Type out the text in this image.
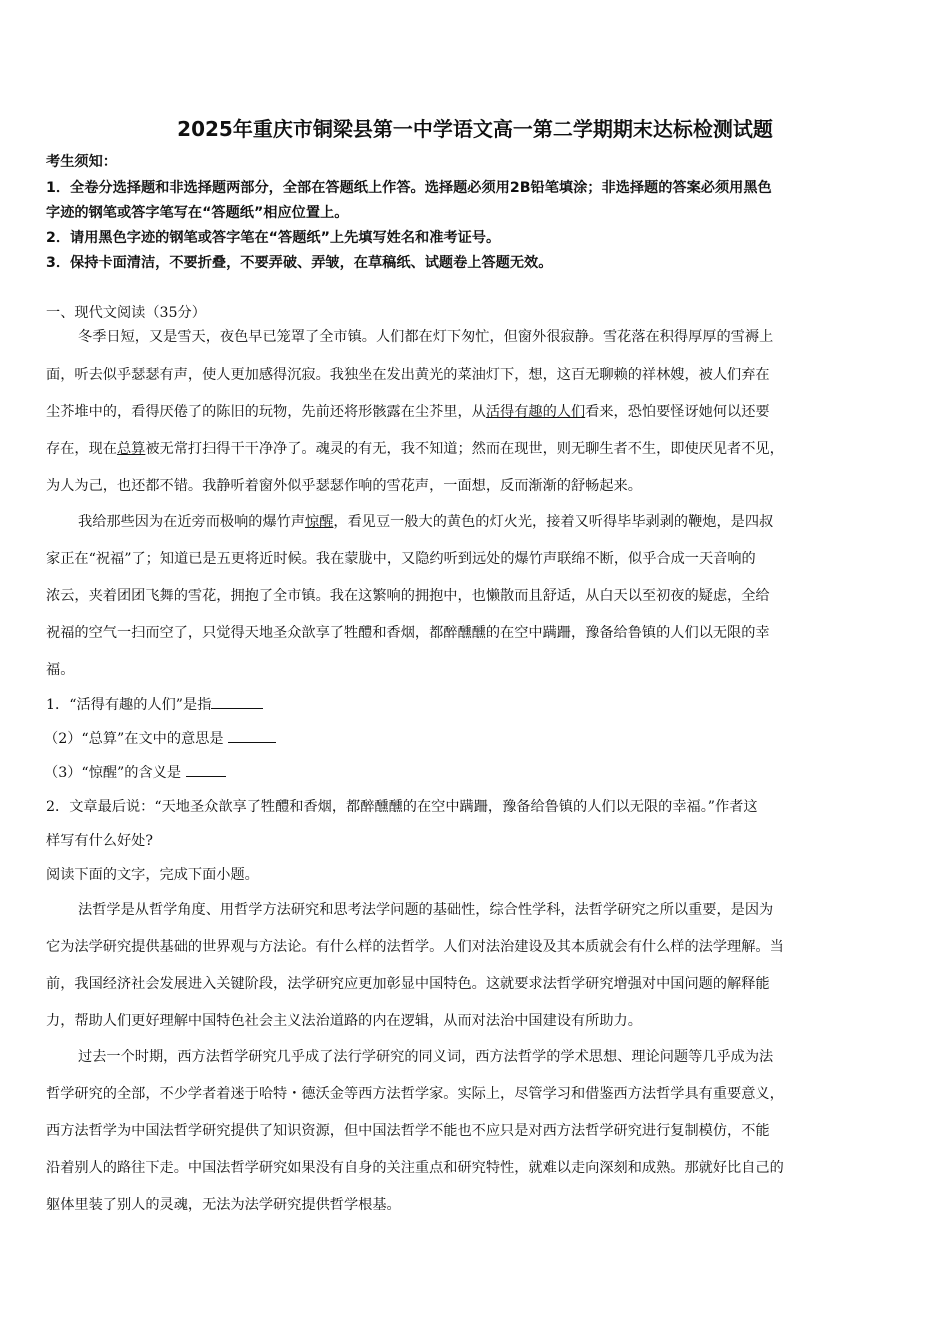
2025年重庆市铜梁县第一中学语文高一第二学期期末达标检测试题
考生须知：
1．全卷分选择题和非选择题两部分，全部在答题纸上作答。选择题必须用2B铅笔填涂；非选择题的答案必须用黑色
字迹的钢笔或答字笔写在“答题纸”相应位置上。
2．请用黑色字迹的钢笔或答字笔在“答题纸”上先填写姓名和准考证号。
3．保持卡面清洁，不要折叠，不要弄破、弄皱，在草稿纸、试题卷上答题无效。
一、现代文阅读（35分）
冬季日短，又是雪天，夜色早已笼罩了全市镇。人们都在灯下匆忙，但窗外很寂静。雪花落在积得厚厚的雪褥上
面，听去似乎瑟瑟有声，使人更加感得沉寂。我独坐在发出黄光的菜油灯下，想，这百无聊赖的祥林嫂，被人们弃在
尘芥堆中的，看得厌倦了的陈旧的玩物，先前还将形骸露在尘芥里，从活得有趣的人们看来，恐怕要怪讶她何以还要
存在，现在总算被无常打扫得干干净净了。魂灵的有无，我不知道；然而在现世，则无聊生者不生，即使厌见者不见，
为人为己，也还都不错。我静听着窗外似乎瑟瑟作响的雪花声，一面想，反而渐渐的舒畅起来。
我给那些因为在近旁而极响的爆竹声惊醒，看见豆一般大的黄色的灯火光，接着又听得毕毕剥剥的鞭炮，是四叔
家正在“祝福”了；知道已是五更将近时候。我在蒙胧中，又隐约听到远处的爆竹声联绵不断，似乎合成一天音响的
浓云，夹着团团飞舞的雪花，拥抱了全市镇。我在这繁响的拥抱中，也懒散而且舒适，从白天以至初夜的疑虑，全给
祝福的空气一扫而空了，只觉得天地圣众歆享了牲醴和香烟，都醉醺醺的在空中蹒跚，豫备给鲁镇的人们以无限的幸
福。
1．“活得有趣的人们”是指
（2）“总算”在文中的意思是
（3）“惊醒”的含义是
2．文章最后说：“天地圣众歆享了牲醴和香烟，都醉醺醺的在空中蹒跚，豫备给鲁镇的人们以无限的幸福。”作者这
样写有什么好处?
阅读下面的文字，完成下面小题。
法哲学是从哲学角度、用哲学方法研究和思考法学问题的基础性，综合性学科，法哲学研究之所以重要，是因为
它为法学研究提供基础的世界观与方法论。有什么样的法哲学。人们对法治建设及其本质就会有什么样的法学理解。当
前，我国经济社会发展进入关键阶段，法学研究应更加彰显中国特色。这就要求法哲学研究增强对中国问题的解释能
力，帮助人们更好理解中国特色社会主义法治道路的内在逻辑，从而对法治中国建设有所助力。
过去一个时期，西方法哲学研究几乎成了法行学研究的同义词，西方法哲学的学术思想、理论问题等几乎成为法
哲学研究的全部，不少学者着迷于哈特・德沃金等西方法哲学家。实际上，尽管学习和借鉴西方法哲学具有重要意义，
西方法哲学为中国法哲学研究提供了知识资源，但中国法哲学不能也不应只是对西方法哲学研究进行复制模仿，不能
沿着别人的路往下走。中国法哲学研究如果没有自身的关注重点和研究特性，就难以走向深刻和成熟。那就好比自己的
躯体里装了别人的灵魂，无法为法学研究提供哲学根基。
